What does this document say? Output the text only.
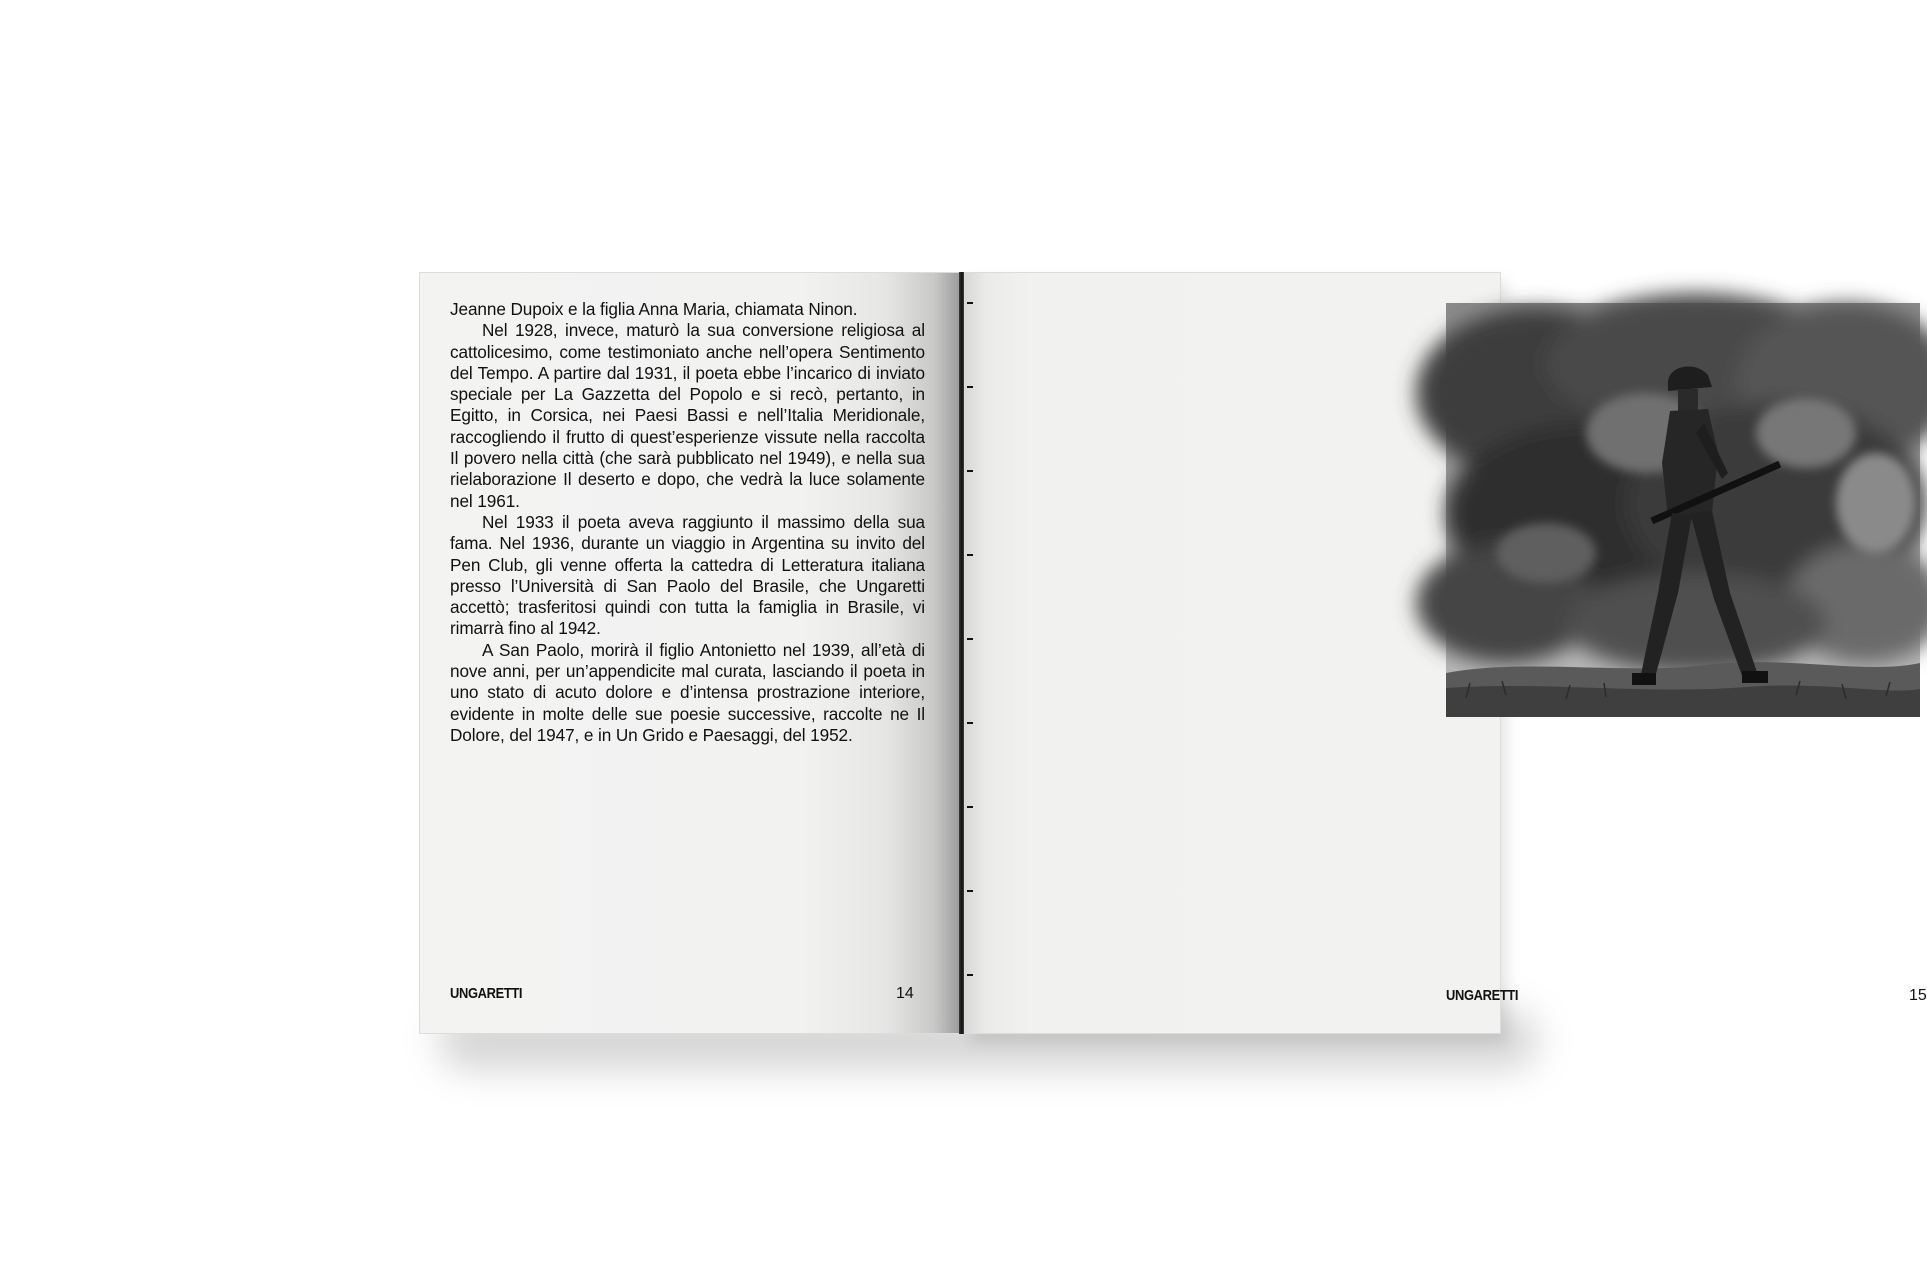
Jeanne Dupoix e la figlia Anna Maria, chiamata Ninon.

Nel 1928, invece, maturò la sua conversione religiosa al cattolicesimo, come testimoniato anche nell’opera Sentimento del Tempo. A partire dal 1931, il poeta ebbe l’incarico di inviato speciale per La Gazzetta del Popolo e si recò, pertanto, in Egitto, in Corsica, nei Paesi Bassi e nell’Italia Meridionale, raccogliendo il frutto di quest’esperienze vissute nella raccolta Il povero nella città (che sarà pubblicato nel 1949), e nella sua rielaborazione Il deserto e dopo, che vedrà la luce solamente nel 1961.

Nel 1933 il poeta aveva raggiunto il massimo della sua fama. Nel 1936, durante un viaggio in Argentina su invito del Pen Club, gli venne offerta la cattedra di Letteratura italiana presso l’Università di San Paolo del Brasile, che Ungaretti accettò; trasferitosi quindi con tutta la famiglia in Brasile, vi rimarrà fino al 1942.

A San Paolo, morirà il figlio Antonietto nel 1939, all’età di nove anni, per un’appendicite mal curata, lasciando il poeta in uno stato di acuto dolore e d’intensa prostrazione interiore, evidente in molte delle sue poesie successive, raccolte ne Il Dolore, del 1947, e in Un Grido e Paesaggi, del 1952.

UNGARETTI	14	UNGARETTI	15
